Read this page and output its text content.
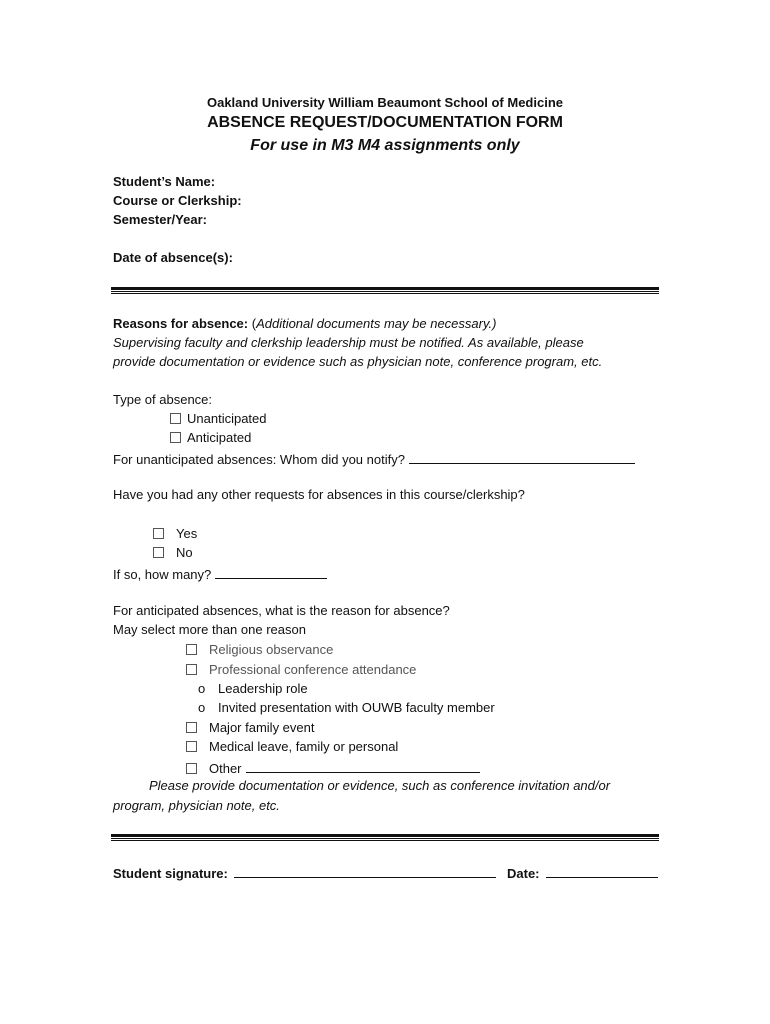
Oakland University William Beaumont School of Medicine
ABSENCE REQUEST/DOCUMENTATION FORM
For use in M3 M4 assignments only
Student’s Name:
Course or Clerkship:
Semester/Year:
Date of absence(s):
Reasons for absence: (Additional documents may be necessary.)
Supervising faculty and clerkship leadership must be notified. As available, please
provide documentation or evidence such as physician note, conference program, etc.
Type of absence:
Unanticipated
Anticipated
For unanticipated absences: Whom did you notify?
Have you had any other requests for absences in this course/clerkship?
Yes
No
If so, how many?
For anticipated absences, what is the reason for absence?
May select more than one reason
Religious observance
Professional conference attendance
o Leadership role
o Invited presentation with OUWB faculty member
Major family event
Medical leave, family or personal
Other
Please provide documentation or evidence, such as conference invitation and/or
program, physician note, etc.
Student signature:	Date:
